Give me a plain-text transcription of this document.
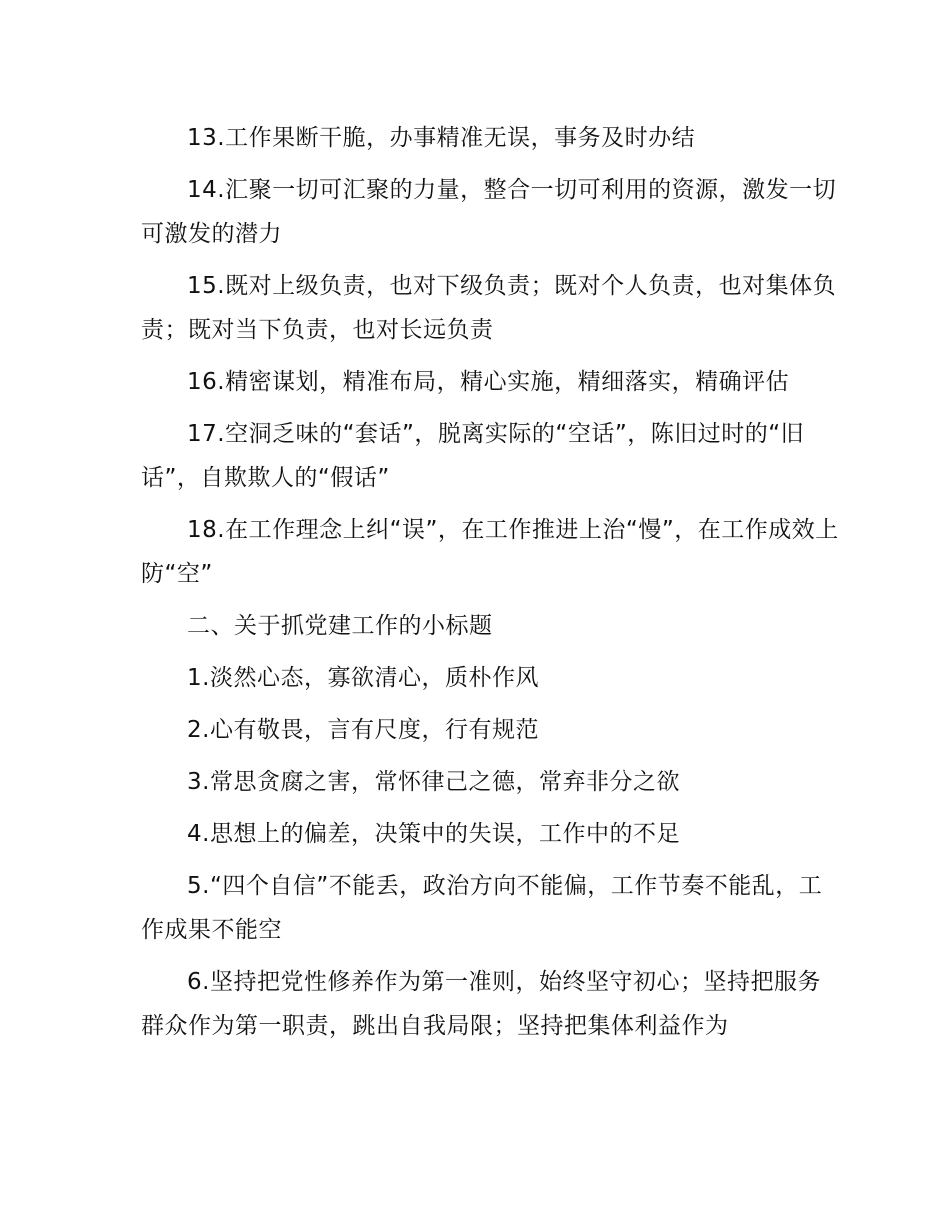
13.工作果断干脆，办事精准无误，事务及时办结

14.汇聚一切可汇聚的力量，整合一切可利用的资源，激发一切可激发的潜力

15.既对上级负责，也对下级负责；既对个人负责，也对集体负责；既对当下负责，也对长远负责

16.精密谋划，精准布局，精心实施，精细落实，精确评估

17.空洞乏味的“套话”，脱离实际的“空话”，陈旧过时的“旧话”，自欺欺人的“假话”

18.在工作理念上纠“误”，在工作推进上治“慢”，在工作成效上防“空”

二、关于抓党建工作的小标题

1.淡然心态，寡欲清心，质朴作风

2.心有敬畏，言有尺度，行有规范

3.常思贪腐之害，常怀律己之德，常弃非分之欲

4.思想上的偏差，决策中的失误，工作中的不足

5.“四个自信”不能丢，政治方向不能偏，工作节奏不能乱，工作成果不能空

6.坚持把党性修养作为第一准则，始终坚守初心；坚持把服务群众作为第一职责，跳出自我局限；坚持把集体利益作为
